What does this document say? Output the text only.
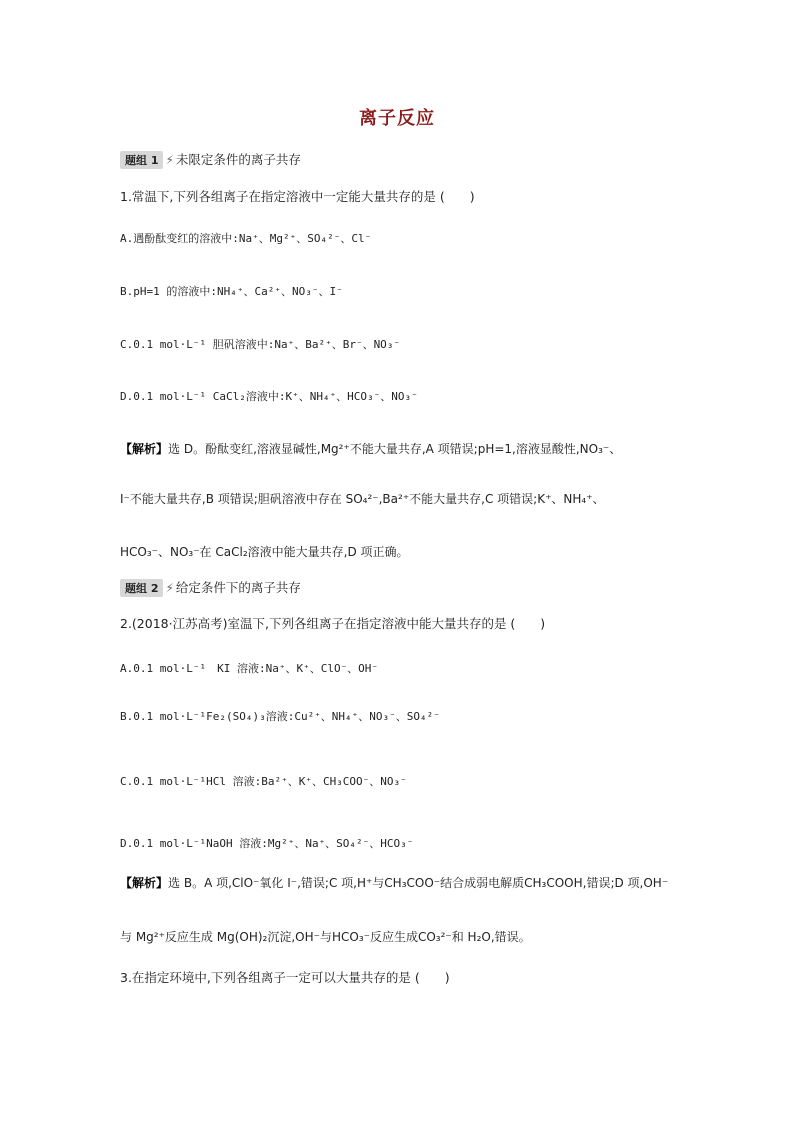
离子反应
题组 1 ⚡ 未限定条件的离子共存
1.常温下,下列各组离子在指定溶液中一定能大量共存的是 (　　)
A.遇酚酞变红的溶液中:Na⁺、Mg²⁺、SO₄²⁻、Cl⁻
B.pH=1 的溶液中:NH₄⁺、Ca²⁺、NO₃⁻、I⁻
C.0.1 mol·L⁻¹ 胆矾溶液中:Na⁺、Ba²⁺、Br⁻、NO₃⁻
D.0.1 mol·L⁻¹ CaCl₂溶液中:K⁺、NH₄⁺、HCO₃⁻、NO₃⁻
【解析】选 D。酚酞变红,溶液显碱性,Mg²⁺不能大量共存,A 项错误;pH=1,溶液显酸性,NO₃⁻、
I⁻不能大量共存,B 项错误;胆矾溶液中存在 SO₄²⁻,Ba²⁺不能大量共存,C 项错误;K⁺、NH₄⁺、
HCO₃⁻、NO₃⁻在 CaCl₂溶液中能大量共存,D 项正确。
题组 2 ⚡ 给定条件下的离子共存
2.(2018·江苏高考)室温下,下列各组离子在指定溶液中能大量共存的是 (　　)
A.0.1 mol·L⁻¹　KI 溶液:Na⁺、K⁺、ClO⁻、OH⁻
B.0.1 mol·L⁻¹Fe₂(SO₄)₃溶液:Cu²⁺、NH₄⁺、NO₃⁻、SO₄²⁻
C.0.1 mol·L⁻¹HCl 溶液:Ba²⁺、K⁺、CH₃COO⁻、NO₃⁻
D.0.1 mol·L⁻¹NaOH 溶液:Mg²⁺、Na⁺、SO₄²⁻、HCO₃⁻
【解析】选 B。A 项,ClO⁻氧化 I⁻,错误;C 项,H⁺与CH₃COO⁻结合成弱电解质CH₃COOH,错误;D 项,OH⁻
与 Mg²⁺反应生成 Mg(OH)₂沉淀,OH⁻与HCO₃⁻反应生成CO₃²⁻和 H₂O,错误。
3.在指定环境中,下列各组离子一定可以大量共存的是 (　　)
